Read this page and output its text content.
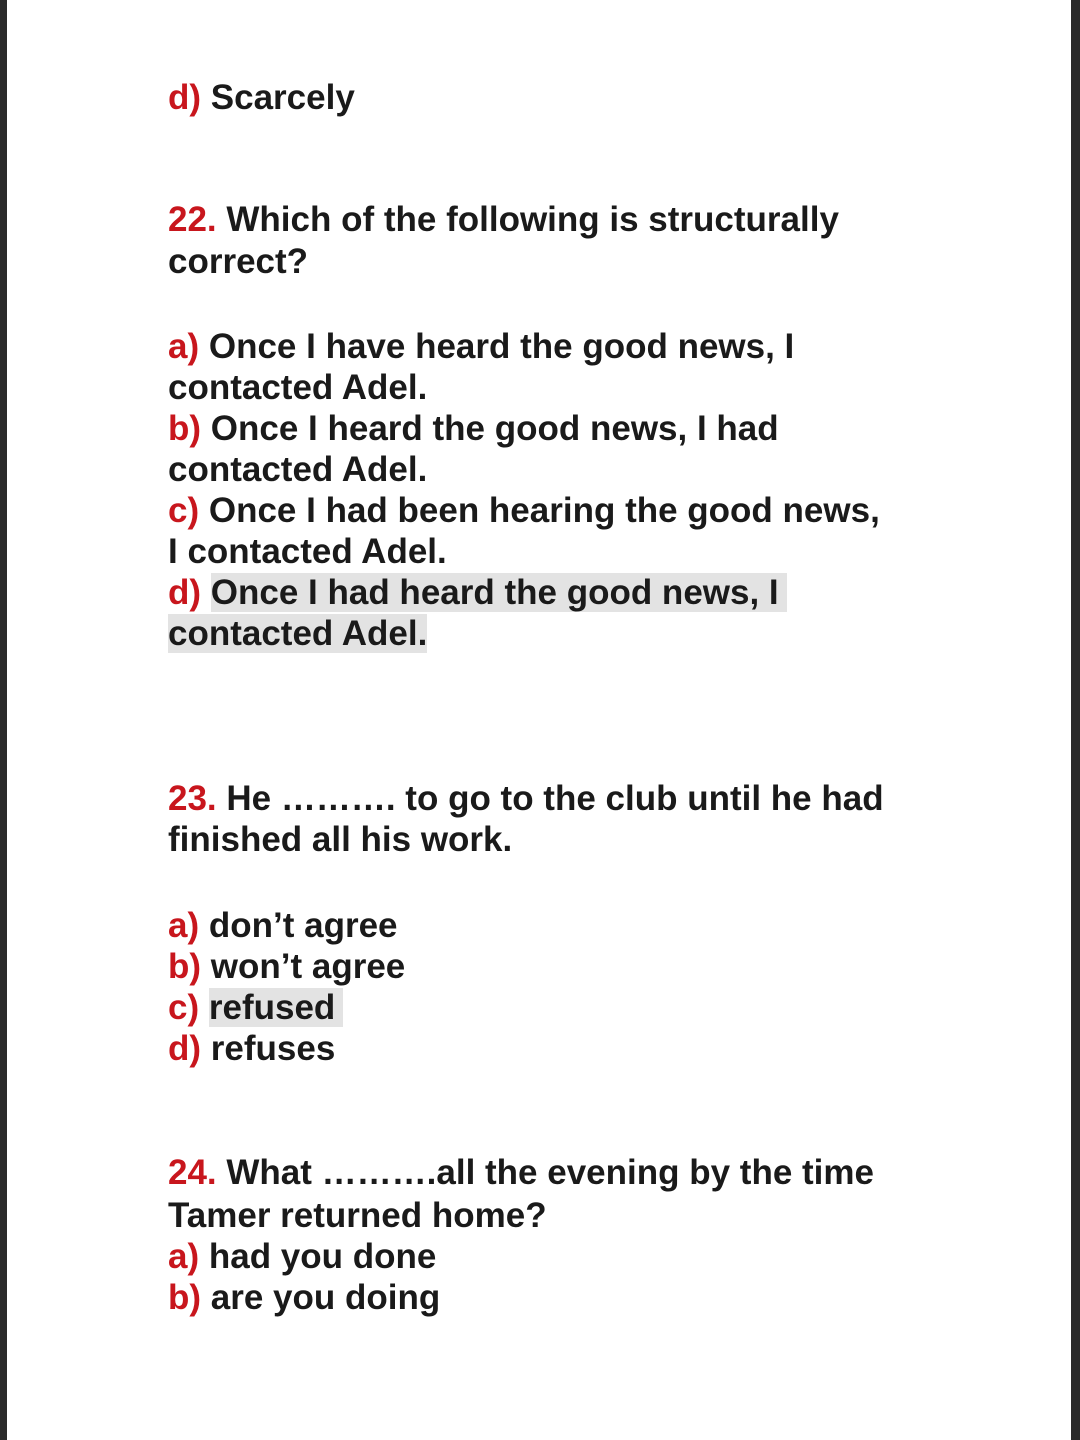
d) Scarcely
22. Which of the following is structurally
correct?
a) Once I have heard the good news, I
contacted Adel.
b) Once I heard the good news, I had
contacted Adel.
c) Once I had been hearing the good news,
I contacted Adel.
d) Once I had heard the good news, I
contacted Adel.
23. He ………. to go to the club until he had
finished all his work.
a) don’t agree
b) won’t agree
c) refused
d) refuses
24. What ……….all the evening by the time
Tamer returned home?
a) had you done
b) are you doing
